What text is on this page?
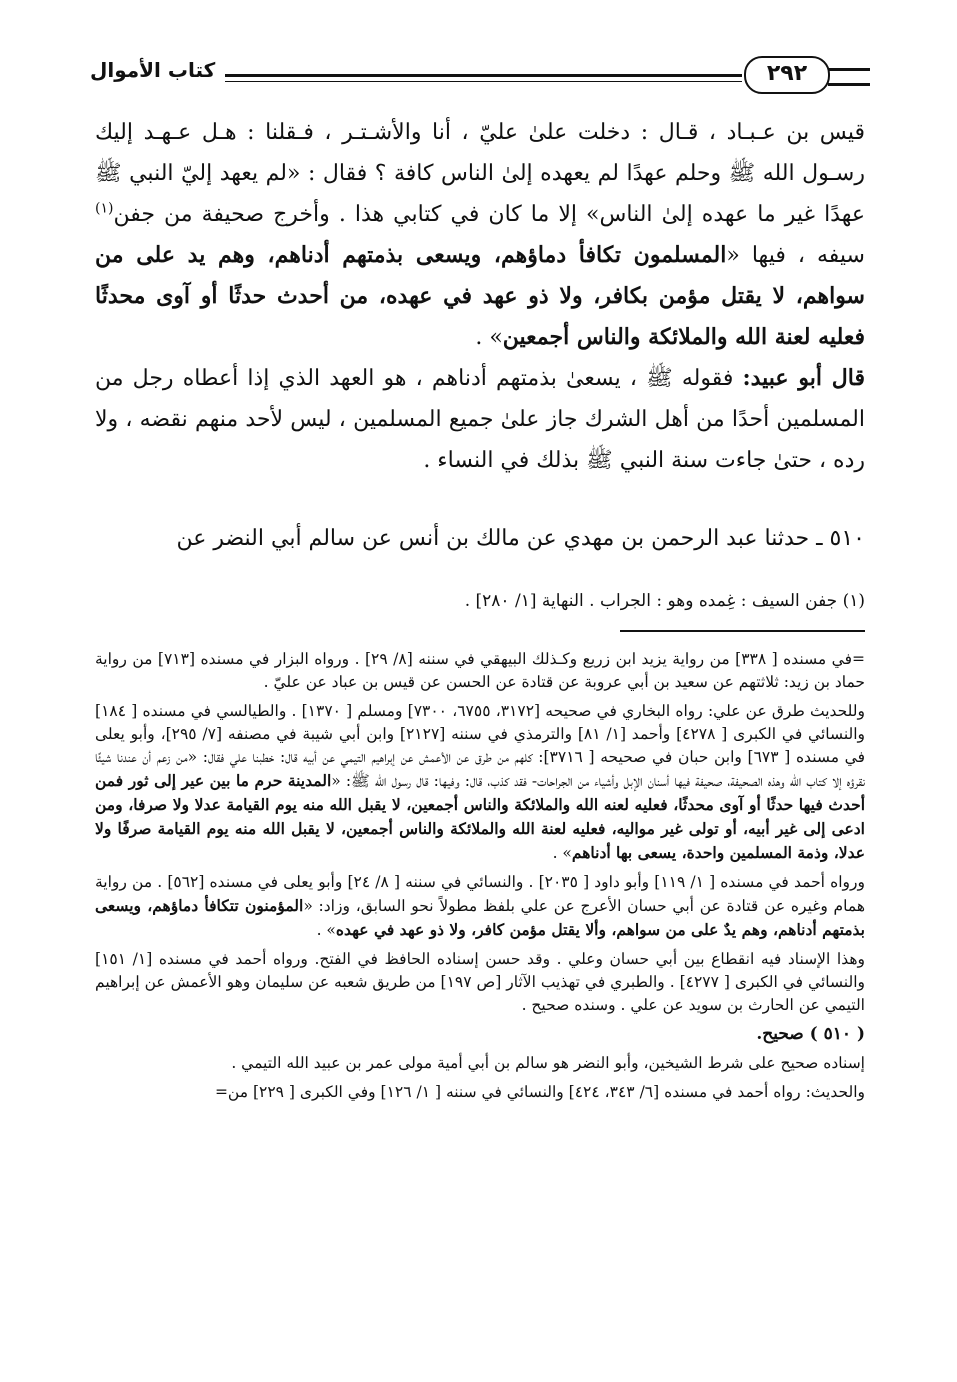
كتاب الأموال	٢٩٢

قيس بن عـبـاد ، قـال : دخلت علىٰ عليّ ، أنا والأشـتـر ، فـقلنا : هـل عـهـد إليك رسـول الله ﷺ وحلم عهدًا لم يعهده إلىٰ الناس كافة ؟ فقال : «لم يعهد إليّ النبي ﷺ عهدًا غير ما عهده إلىٰ الناس» إلا ما كان في كتابي هذا . وأخرج صحيفة من جفن$^{(١)}$ سيفه ، فيها «المسلمون تكافأ دماؤهم، ويسعى بذمتهم أدناهم، وهم يد على من سواهم، لا يقتل مؤمن بكافر، ولا ذو عهد في عهده، من أحدث حدثًا أو آوى محدثًا فعليه لعنة الله والملائكة والناس أجمعين» .

قال أبو عبيد: فقوله ﷺ ، يسعىٰ بذمتهم أدناهم ، هو العهد الذي إذا أعطاه رجل من المسلمين أحدًا من أهل الشرك جاز علىٰ جميع المسلمين ، ليس لأحد منهم نقضه ، ولا رده ، حتىٰ جاءت سنة النبي ﷺ بذلك في النساء .

٥١٠ ـ حدثنا عبد الرحمن بن مهدي عن مالك بن أنس عن سالم أبي النضر عن

(١) جفن السيف : غِمده وهو : الجراب . النهاية [١/ ٢٨٠] .

=في مسنده [ ٣٣٨] من رواية يزيد ابن زريع وكـذلك البيهقي في سننه [٨/ ٢٩] . ورواه البزار في مسنده [٧١٣] من رواية حماد بن زيد: ثلاثتهم عن سعيد بن أبي عروبة عن قتادة عن الحسن عن قيس بن عباد عن عليّ .

وللحديث طرق عن علي: رواه البخاري في صحيحه [٣١٧٢، ٦٧٥٥، ٧٣٠٠] ومسلم [ ١٣٧٠] . والطيالسي في مسنده [ ١٨٤] والنسائي في الكبرى [ ٤٢٧٨] وأحمد [١/ ٨١] والترمذي في سننه [٢١٢٧] وابن أبي شيبة في مصنفه [٧/ ٢٩٥]، وأبو يعلى في مسنده [ ٦٧٣] وابن حبان في صحيحه [ ٣٧١٦]: كلهم من طرق عن الأعمش عن إبراهيم التيمي عن أبيه قال: خطبنا علي فقال: «من زعم أن عندنا شيئًا نقرؤه إلا كتاب الله وهذه الصحيفة، صحيفة فيها أسنان الإبل وأشياء من الجراحات- فقد كذب، قال: وفيها: قال رسول الله ﷺ: «المدينة حرم ما بين عير إلى ثور فمن أحدث فيها حدثًا أو آوى محدثًا، فعليه لعنه الله والملائكة والناس أجمعين، لا يقبل الله منه يوم القيامة عدلا ولا صرفا، ومن ادعى إلى غير أبيه، أو تولى غير مواليه، فعليه لعنة الله والملائكة والناس أجمعين، لا يقبل الله منه يوم القيامة صرفًا ولا عدلا، وذمة المسلمين واحدة، يسعى بها أدناهم» .

ورواه أحمد في مسنده [ ١/ ١١٩] وأبو داود [ ٢٠٣٥] . والنسائي في سننه [ ٨/ ٢٤] وأبو يعلى في مسنده [٥٦٢] . من رواية همام وغيره عن قتادة عن أبي حسان الأعرج عن علي بلفظ مطولاً نحو السابق، وزاد: «المؤمنون تتكافأ دماؤهم، ويسعى بذمتهم أدناهم، وهم يدٌ على من سواهم، وألا يقتل مؤمن كافر، ولا ذو عهد في عهده» .

وهذا الإسناد فيه انقطاع بين أبي حسان وعلي . وقد حسن إسناده الحافظ في الفتح. ورواه أحمد في مسنده [١/ ١٥١] والنسائي في الكبرى [ ٤٢٧٧] . والطبري في تهذيب الآثار [ص ١٩٧] من طريق شعبه عن سليمان وهو الأعمش عن إبراهيم التيمي عن الحارث بن سويد عن علي . وسنده صحيح .

( ٥١٠ ) صحيح.

إسناده صحيح على شرط الشيخين، وأبو النضر هو سالم بن أبي أمية مولى عمر بن عبيد الله التيمي .

والحديث: رواه أحمد في مسنده [٦/ ٣٤٣، ٤٢٤] والنسائي في سننه [ ١/ ١٢٦] وفي الكبرى [ ٢٢٩] من=
